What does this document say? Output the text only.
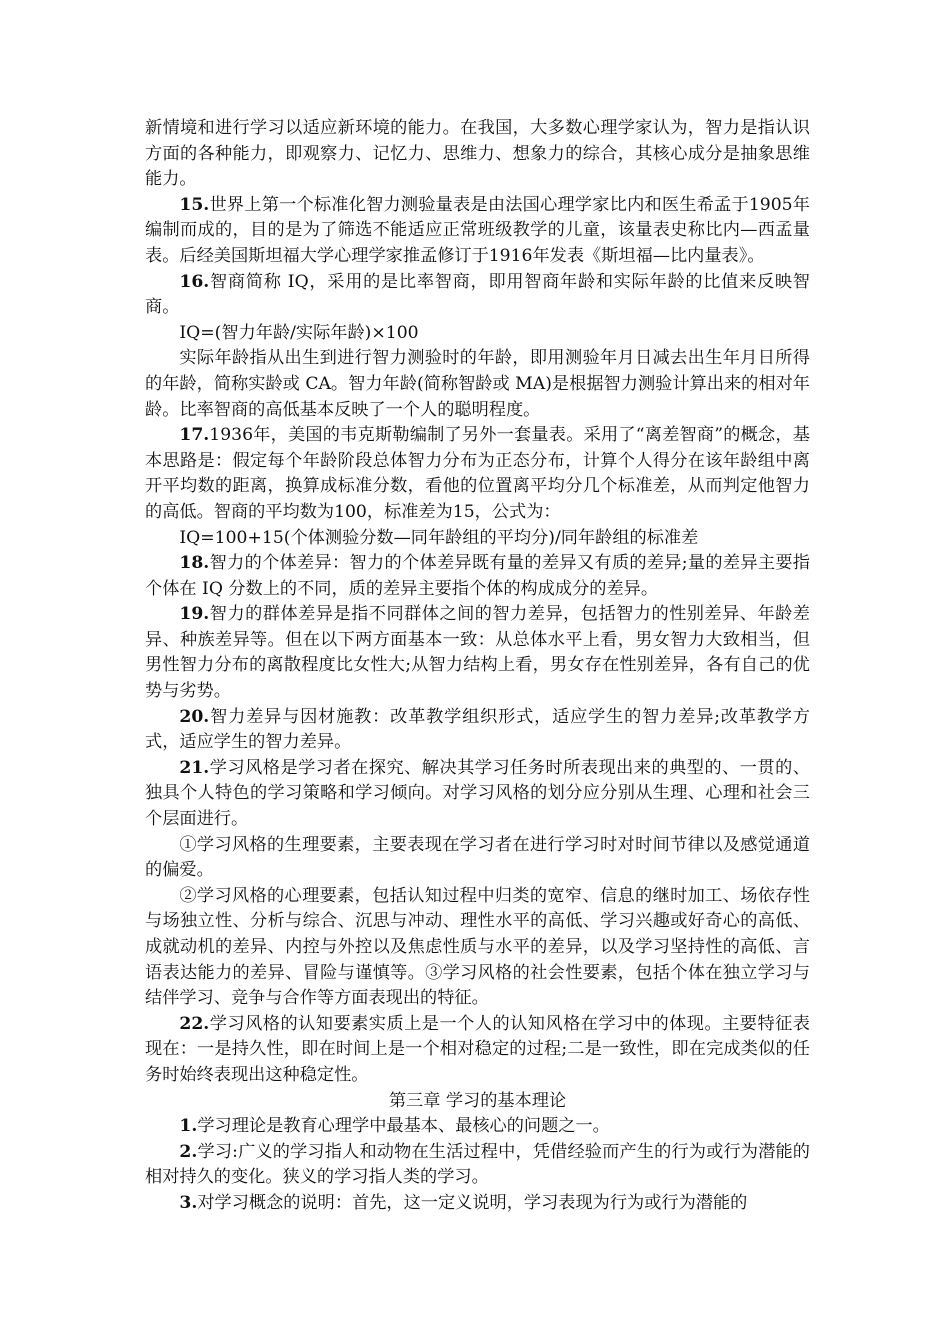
新情境和进行学习以适应新环境的能力。在我国，大多数心理学家认为，智力是指认识方面的各种能力，即观察力、记忆力、思维力、想象力的综合，其核心成分是抽象思维能力。

15.世界上第一个标准化智力测验量表是由法国心理学家比内和医生希孟于1905年编制而成的，目的是为了筛选不能适应正常班级教学的儿童，该量表史称比内—西孟量表。后经美国斯坦福大学心理学家推孟修订于1916年发表《斯坦福—比内量表》。

16.智商简称 IQ，采用的是比率智商，即用智商年龄和实际年龄的比值来反映智商。

IQ=(智力年龄/实际年龄)×100

实际年龄指从出生到进行智力测验时的年龄，即用测验年月日减去出生年月日所得的年龄，简称实龄或 CA。智力年龄(简称智龄或 MA)是根据智力测验计算出来的相对年龄。比率智商的高低基本反映了一个人的聪明程度。

17.1936年，美国的韦克斯勒编制了另外一套量表。采用了“离差智商”的概念，基本思路是：假定每个年龄阶段总体智力分布为正态分布，计算个人得分在该年龄组中离开平均数的距离，换算成标准分数，看他的位置离平均分几个标准差，从而判定他智力的高低。智商的平均数为100，标准差为15，公式为：

IQ=100+15(个体测验分数—同年龄组的平均分)/同年龄组的标准差

18.智力的个体差异：智力的个体差异既有量的差异又有质的差异;量的差异主要指个体在 IQ 分数上的不同，质的差异主要指个体的构成成分的差异。

19.智力的群体差异是指不同群体之间的智力差异，包括智力的性别差异、年龄差异、种族差异等。但在以下两方面基本一致：从总体水平上看，男女智力大致相当，但男性智力分布的离散程度比女性大;从智力结构上看，男女存在性别差异，各有自己的优势与劣势。

20.智力差异与因材施教：改革教学组织形式，适应学生的智力差异;改革教学方式，适应学生的智力差异。

21.学习风格是学习者在探究、解决其学习任务时所表现出来的典型的、一贯的、独具个人特色的学习策略和学习倾向。对学习风格的划分应分别从生理、心理和社会三个层面进行。

①学习风格的生理要素，主要表现在学习者在进行学习时对时间节律以及感觉通道的偏爱。

②学习风格的心理要素，包括认知过程中归类的宽窄、信息的继时加工、场依存性与场独立性、分析与综合、沉思与冲动、理性水平的高低、学习兴趣或好奇心的高低、成就动机的差异、内控与外控以及焦虑性质与水平的差异，以及学习坚持性的高低、言语表达能力的差异、冒险与谨慎等。③学习风格的社会性要素，包括个体在独立学习与结伴学习、竞争与合作等方面表现出的特征。

22.学习风格的认知要素实质上是一个人的认知风格在学习中的体现。主要特征表现在：一是持久性，即在时间上是一个相对稳定的过程;二是一致性，即在完成类似的任务时始终表现出这种稳定性。

第三章 学习的基本理论

1.学习理论是教育心理学中最基本、最核心的问题之一。

2.学习:广义的学习指人和动物在生活过程中，凭借经验而产生的行为或行为潜能的相对持久的变化。狭义的学习指人类的学习。

3.对学习概念的说明：首先，这一定义说明，学习表现为行为或行为潜能的
